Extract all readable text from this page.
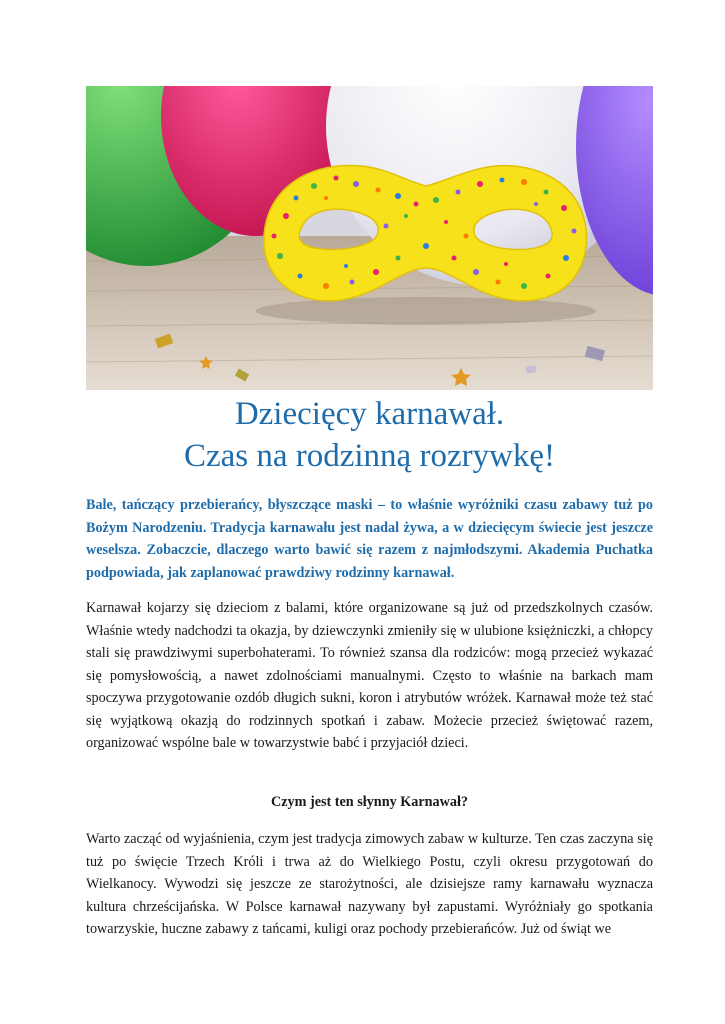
Dziecięcy karnawał.
Czas na rodzinną rozrywkę!

Bale, tańczący przebierańcy, błyszczące maski – to właśnie wyróżniki czasu zabawy tuż po Bożym Narodzeniu. Tradycja karnawału jest nadal żywa, a w dziecięcym świecie jest jeszcze weselsza. Zobaczcie, dlaczego warto bawić się razem z najmłodszymi. Akademia Puchatka podpowiada, jak zaplanować prawdziwy rodzinny karnawał.

Karnawał kojarzy się dzieciom z balami, które organizowane są już od przedszkolnych czasów. Właśnie wtedy nadchodzi ta okazja, by dziewczynki zmieniły się w ulubione księżniczki, a chłopcy stali się prawdziwymi superbohaterami. To również szansa dla rodziców: mogą przecież wykazać się pomysłowością, a nawet zdolnościami manualnymi. Często to właśnie na barkach mam spoczywa przygotowanie ozdób długich sukni, koron i atrybutów wróżek. Karnawał może też stać się wyjątkową okazją do rodzinnych spotkań i zabaw. Możecie przecież świętować razem, organizować wspólne bale w towarzystwie babć i przyjaciół dzieci.

Czym jest ten słynny Karnawał?

Warto zacząć od wyjaśnienia, czym jest tradycja zimowych zabaw w kulturze. Ten czas zaczyna się tuż po święcie Trzech Króli i trwa aż do Wielkiego Postu, czyli okresu przygotowań do Wielkanocy. Wywodzi się jeszcze ze starożytności, ale dzisiejsze ramy karnawału wyznacza kultura chrześcijańska. W Polsce karnawał nazywany był zapustami. Wyróżniały go spotkania towarzyskie, huczne zabawy z tańcami, kuligi oraz pochody przebierańców. Już od świąt we
